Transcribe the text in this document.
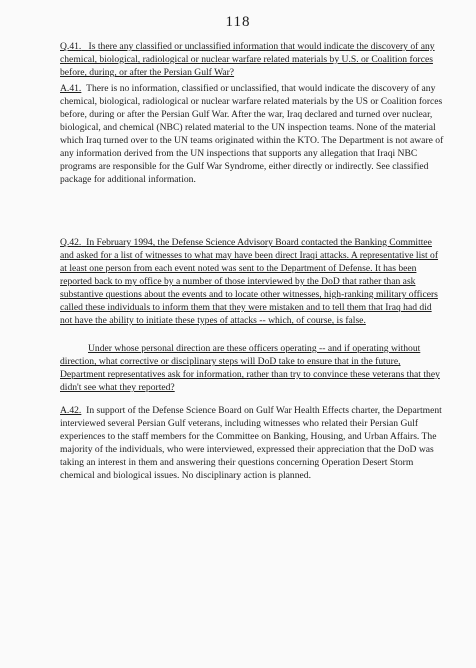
118

Q.41. Is there any classified or unclassified information that would indicate the discovery of any chemical, biological, radiological or nuclear warfare related materials by U.S. or Coalition forces before, during, or after the Persian Gulf War?

A.41. There is no information, classified or unclassified, that would indicate the discovery of any chemical, biological, radiological or nuclear warfare related materials by the US or Coalition forces before, during or after the Persian Gulf War. After the war, Iraq declared and turned over nuclear, biological, and chemical (NBC) related material to the UN inspection teams. None of the material which Iraq turned over to the UN teams originated within the KTO. The Department is not aware of any information derived from the UN inspections that supports any allegation that Iraqi NBC programs are responsible for the Gulf War Syndrome, either directly or indirectly. See classified package for additional information.

Q.42. In February 1994, the Defense Science Advisory Board contacted the Banking Committee and asked for a list of witnesses to what may have been direct Iraqi attacks. A representative list of at least one person from each event noted was sent to the Department of Defense. It has been reported back to my office by a number of those interviewed by the DoD that rather than ask substantive questions about the events and to locate other witnesses, high-ranking military officers called these individuals to inform them that they were mistaken and to tell them that Iraq had did not have the ability to initiate these types of attacks -- which, of course, is false.

Under whose personal direction are these officers operating -- and if operating without direction, what corrective or disciplinary steps will DoD take to ensure that in the future, Department representatives ask for information, rather than try to convince these veterans that they didn't see what they reported?

A.42. In support of the Defense Science Board on Gulf War Health Effects charter, the Department interviewed several Persian Gulf veterans, including witnesses who related their Persian Gulf experiences to the staff members for the Committee on Banking, Housing, and Urban Affairs. The majority of the individuals, who were interviewed, expressed their appreciation that the DoD was taking an interest in them and answering their questions concerning Operation Desert Storm chemical and biological issues. No disciplinary action is planned.
